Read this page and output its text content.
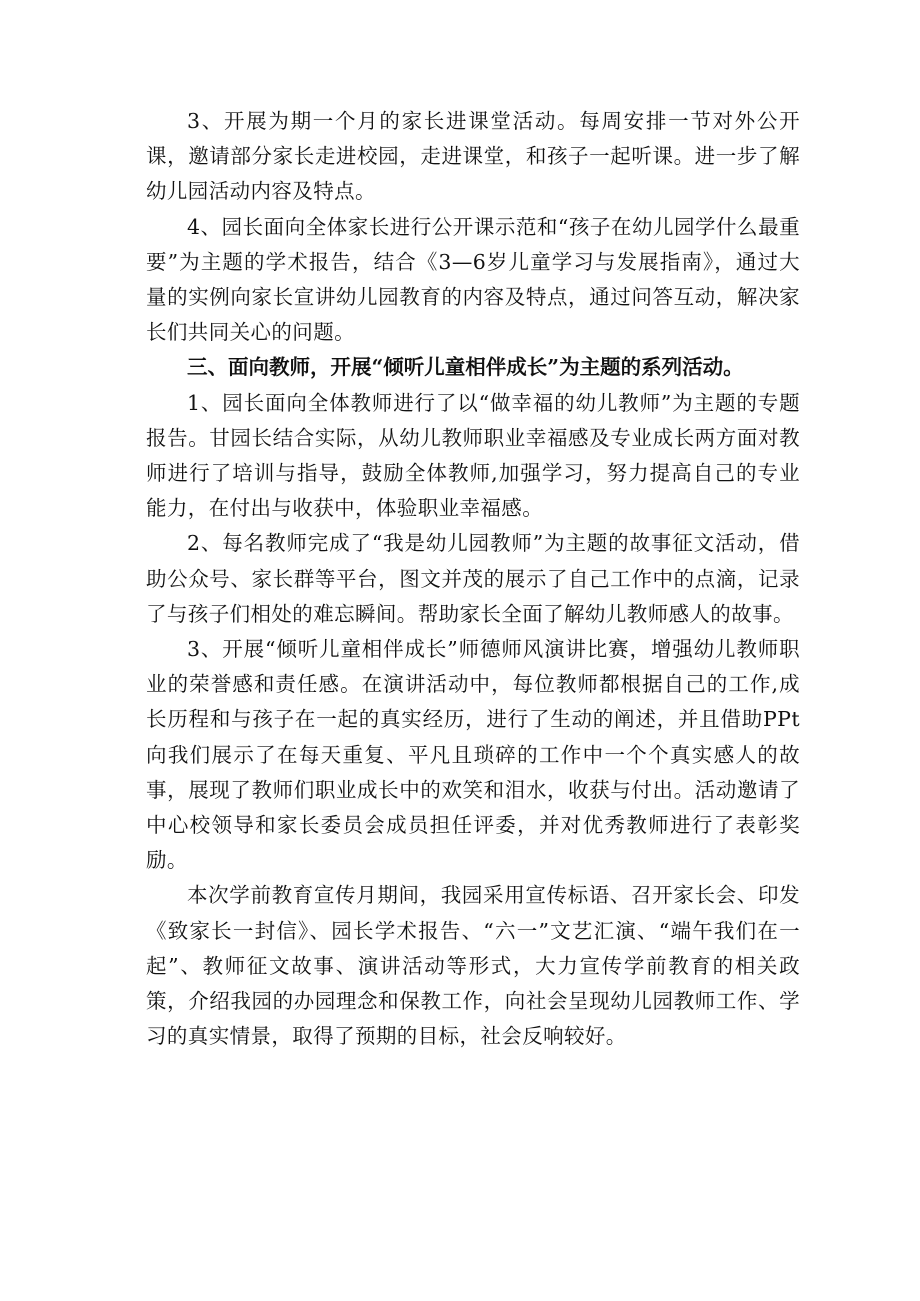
3、开展为期一个月的家长进课堂活动。每周安排一节对外公开课，邀请部分家长走进校园，走进课堂，和孩子一起听课。进一步了解幼儿园活动内容及特点。

4、园长面向全体家长进行公开课示范和“孩子在幼儿园学什么最重要”为主题的学术报告，结合《3—6岁儿童学习与发展指南》，通过大量的实例向家长宣讲幼儿园教育的内容及特点，通过问答互动，解决家长们共同关心的问题。

三、面向教师，开展“倾听儿童相伴成长”为主题的系列活动。

1、园长面向全体教师进行了以“做幸福的幼儿教师”为主题的专题报告。甘园长结合实际，从幼儿教师职业幸福感及专业成长两方面对教师进行了培训与指导，鼓励全体教师,加强学习，努力提高自己的专业能力，在付出与收获中，体验职业幸福感。

2、每名教师完成了“我是幼儿园教师”为主题的故事征文活动，借助公众号、家长群等平台，图文并茂的展示了自己工作中的点滴，记录了与孩子们相处的难忘瞬间。帮助家长全面了解幼儿教师感人的故事。

3、开展“倾听儿童相伴成长”师德师风演讲比赛，增强幼儿教师职业的荣誉感和责任感。在演讲活动中，每位教师都根据自己的工作,成长历程和与孩子在一起的真实经历，进行了生动的阐述，并且借助PPt向我们展示了在每天重复、平凡且琐碎的工作中一个个真实感人的故事，展现了教师们职业成长中的欢笑和泪水，收获与付出。活动邀请了中心校领导和家长委员会成员担任评委，并对优秀教师进行了表彰奖励。

本次学前教育宣传月期间，我园采用宣传标语、召开家长会、印发《致家长一封信》、园长学术报告、“六一”文艺汇演、“端午我们在一起”、教师征文故事、演讲活动等形式，大力宣传学前教育的相关政策，介绍我园的办园理念和保教工作，向社会呈现幼儿园教师工作、学习的真实情景，取得了预期的目标，社会反响较好。
